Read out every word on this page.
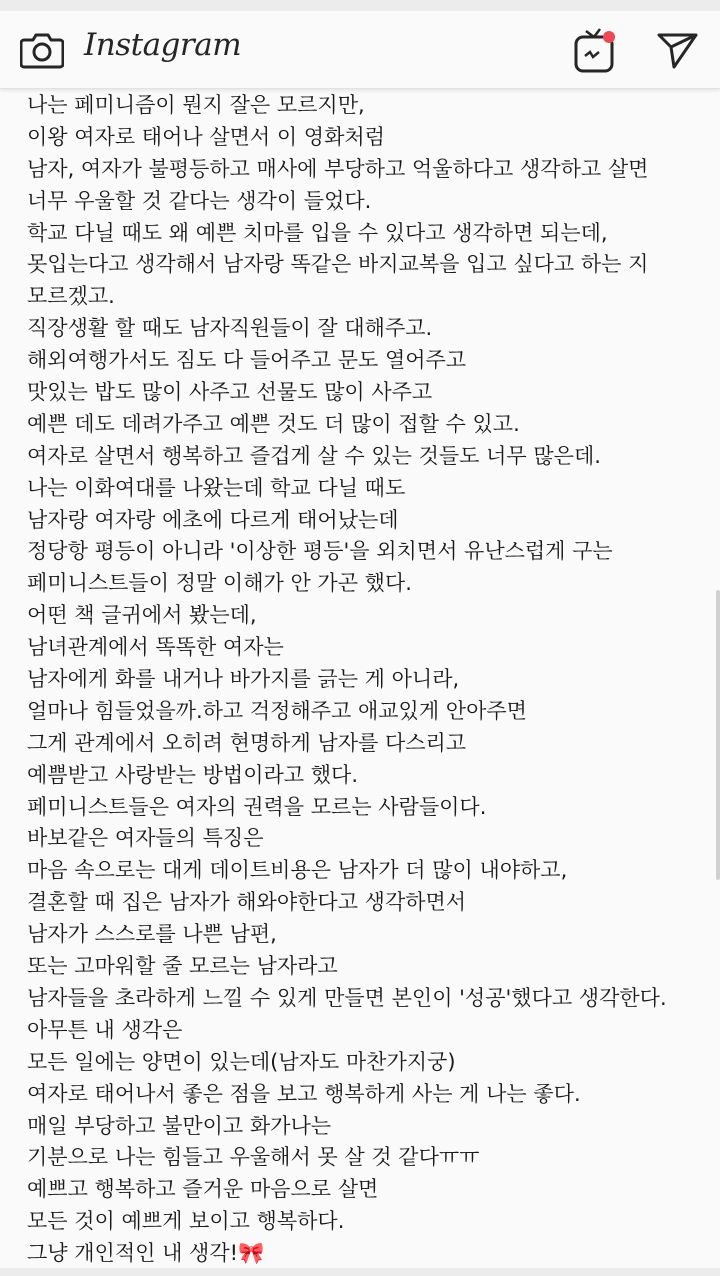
Instagram
나는 페미니즘이 뭔지 잘은 모르지만,
이왕 여자로 태어나 살면서 이 영화처럼
남자, 여자가 불평등하고 매사에 부당하고 억울하다고 생각하고 살면
너무 우울할 것 같다는 생각이 들었다.
학교 다닐 때도 왜 예쁜 치마를 입을 수 있다고 생각하면 되는데,
못입는다고 생각해서 남자랑 똑같은 바지교복을 입고 싶다고 하는 지
모르겠고.
직장생활 할 때도 남자직원들이 잘 대해주고.
해외여행가서도 짐도 다 들어주고 문도 열어주고
맛있는 밥도 많이 사주고 선물도 많이 사주고
예쁜 데도 데려가주고 예쁜 것도 더 많이 접할 수 있고.
여자로 살면서 행복하고 즐겁게 살 수 있는 것들도 너무 많은데.
나는 이화여대를 나왔는데 학교 다닐 때도
남자랑 여자랑 에초에 다르게 태어났는데
정당항 평등이 아니라 '이상한 평등'을 외치면서 유난스럽게 구는
페미니스트들이 정말 이해가 안 가곤 했다.
어떤 책 글귀에서 봤는데,
남녀관계에서 똑똑한 여자는
남자에게 화를 내거나 바가지를 긁는 게 아니라,
얼마나 힘들었을까.하고 걱정해주고 애교있게 안아주면
그게 관계에서 오히려 현명하게 남자를 다스리고
예쁨받고 사랑받는 방법이라고 했다.
페미니스트들은 여자의 권력을 모르는 사람들이다.
바보같은 여자들의 특징은
마음 속으로는 대게 데이트비용은 남자가 더 많이 내야하고,
결혼할 때 집은 남자가 해와야한다고 생각하면서
남자가 스스로를 나쁜 남편,
또는 고마워할 줄 모르는 남자라고
남자들을 초라하게 느낄 수 있게 만들면 본인이 '성공'했다고 생각한다.
아무튼 내 생각은
모든 일에는 양면이 있는데(남자도 마찬가지궁)
여자로 태어나서 좋은 점을 보고 행복하게 사는 게 나는 좋다.
매일 부당하고 불만이고 화가나는
기분으로 나는 힘들고 우울해서 못 살 것 같다ㅠㅠ
예쁘고 행복하고 즐거운 마음으로 살면
모든 것이 예쁘게 보이고 행복하다.
그냥 개인적인 내 생각!🎀
